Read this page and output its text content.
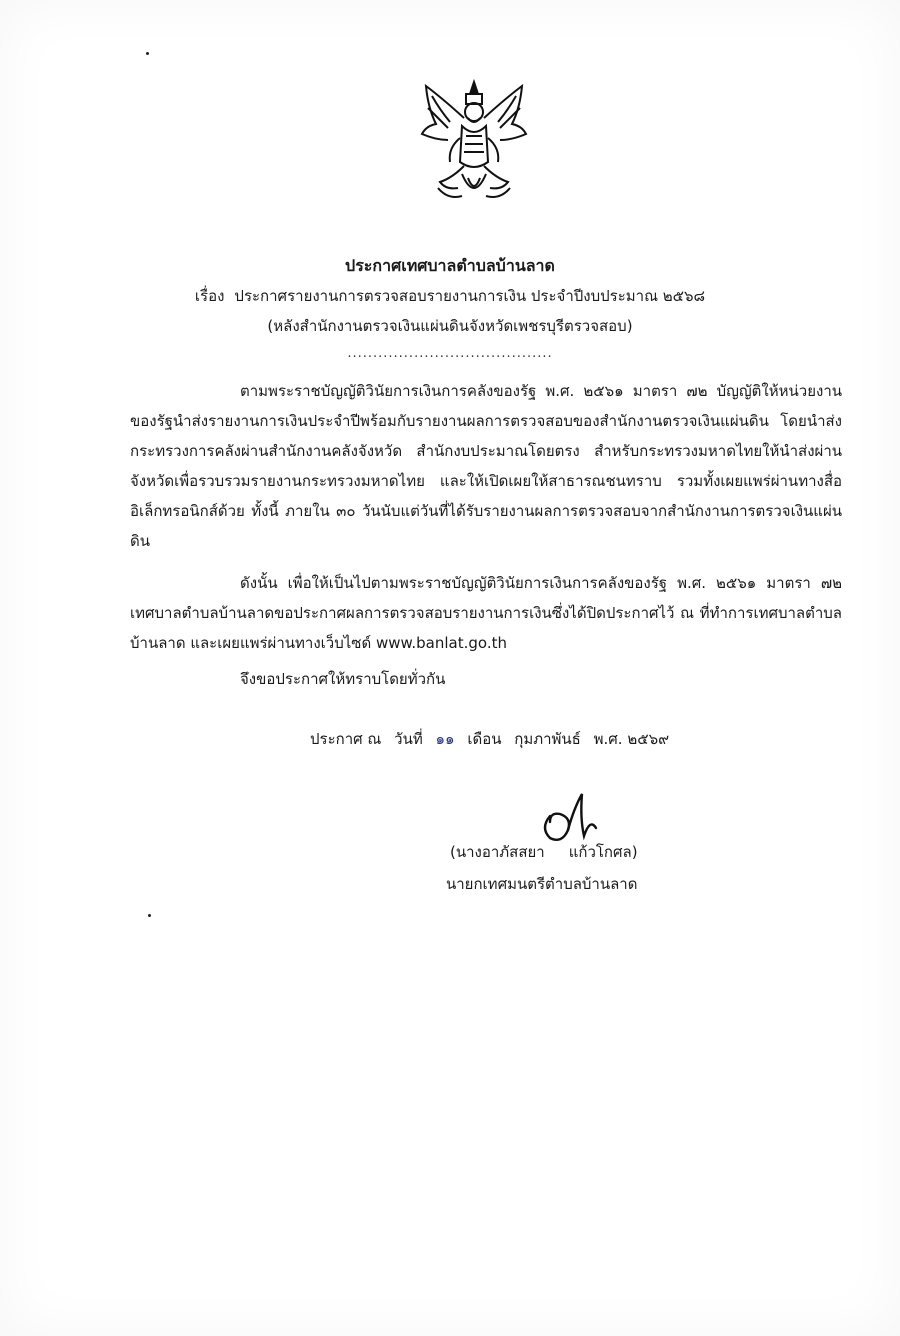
ประกาศเทศบาลตำบลบ้านลาด
เรื่อง ประกาศรายงานการตรวจสอบรายงานการเงิน ประจำปีงบประมาณ ๒๕๖๘
(หลังสำนักงานตรวจเงินแผ่นดินจังหวัดเพชรบุรีตรวจสอบ)
........................................

ตามพระราชบัญญัติวินัยการเงินการคลังของรัฐ พ.ศ. ๒๕๖๑ มาตรา ๗๒ บัญญัติให้หน่วยงานของรัฐนำส่งรายงานการเงินประจำปีพร้อมกับรายงานผลการตรวจสอบของสำนักงานตรวจเงินแผ่นดิน โดยนำส่งกระทรวงการคลังผ่านสำนักงานคลังจังหวัด สำนักงบประมาณโดยตรง สำหรับกระทรวงมหาดไทยให้นำส่งผ่านจังหวัดเพื่อรวบรวมรายงานกระทรวงมหาดไทย และให้เปิดเผยให้สาธารณชนทราบ รวมทั้งเผยแพร่ผ่านทางสื่ออิเล็กทรอนิกส์ด้วย ทั้งนี้ ภายใน ๓๐ วันนับแต่วันที่ได้รับรายงานผลการตรวจสอบจากสำนักงานการตรวจเงินแผ่นดิน

ดังนั้น เพื่อให้เป็นไปตามพระราชบัญญัติวินัยการเงินการคลังของรัฐ พ.ศ. ๒๕๖๑ มาตรา ๗๒ เทศบาลตำบลบ้านลาดขอประกาศผลการตรวจสอบรายงานการเงินซึ่งได้ปิดประกาศไว้ ณ ที่ทำการเทศบาลตำบลบ้านลาด และเผยแพร่ผ่านทางเว็บไซด์ www.banlat.go.th

จึงขอประกาศให้ทราบโดยทั่วกัน

ประกาศ ณ วันที่ ๑๑ เดือน กุมภาพันธ์ พ.ศ. ๒๕๖๙

(นางอาภัสสยา แก้วโกศล)
นายกเทศมนตรีตำบลบ้านลาด
